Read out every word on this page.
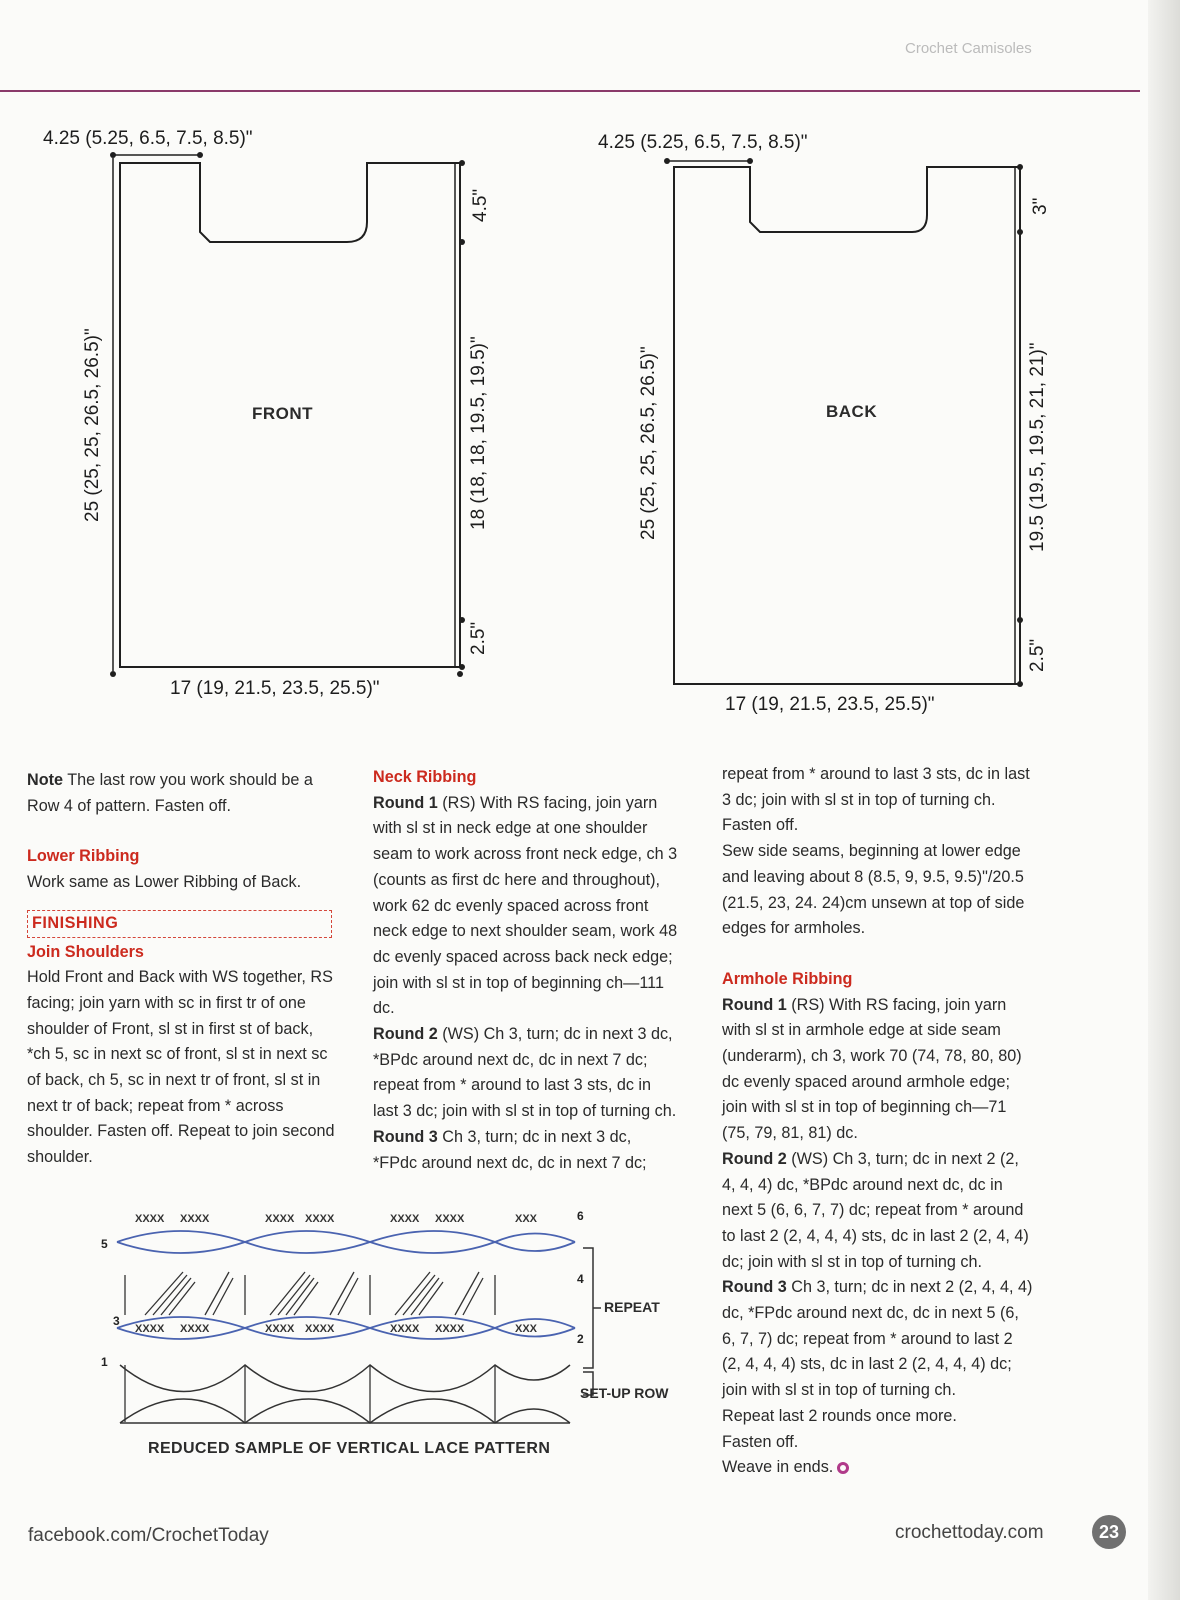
Crochet Camisoles
4.25 (5.25, 6.5, 7.5, 8.5)"
4.5"
25 (25, 25, 26.5, 26.5)"	18 (18, 18, 19.5, 19.5)"
2.5"
17 (19, 21.5, 23.5, 25.5)"
FRONT
4.25 (5.25, 6.5, 7.5, 8.5)"
3"
25 (25, 25, 26.5, 26.5)"	19.5 (19.5, 19.5, 21, 21)"
2.5"
17 (19, 21.5, 23.5, 25.5)"
BACK

Note The last row you work should be a Row 4 of pattern. Fasten off.

Lower Ribbing

Work same as Lower Ribbing of Back.

FINISHING

Join Shoulders

Hold Front and Back with WS together, RS facing; join yarn with sc in first tr of one shoulder of Front, sl st in first st of back, *ch 5, sc in next sc of front, sl st in next sc of back, ch 5, sc in next tr of front, sl st in next tr of back; repeat from * across shoulder. Fasten off. Repeat to join second shoulder.

Neck Ribbing

Round 1 (RS) With RS facing, join yarn with sl st in neck edge at one shoulder seam to work across front neck edge, ch 3 (counts as first dc here and throughout), work 62 dc evenly spaced across front neck edge to next shoulder seam, work 48 dc evenly spaced across back neck edge; join with sl st in top of beginning ch—111 dc.

Round 2 (WS) Ch 3, turn; dc in next 3 dc, *BPdc around next dc, dc in next 7 dc; repeat from * around to last 3 sts, dc in last 3 dc; join with sl st in top of turning ch.

Round 3 Ch 3, turn; dc in next 3 dc, *FPdc around next dc, dc in next 7 dc;

repeat from * around to last 3 sts, dc in last 3 dc; join with sl st in top of turning ch. Fasten off.

Sew side seams, beginning at lower edge and leaving about 8 (8.5, 9, 9.5, 9.5)"/20.5 (21.5, 23, 24. 24)cm unsewn at top of side edges for armholes.

Armhole Ribbing

Round 1 (RS) With RS facing, join yarn with sl st in armhole edge at side seam (underarm), ch 3, work 70 (74, 78, 80, 80) dc evenly spaced around armhole edge; join with sl st in top of beginning ch—71 (75, 79, 81, 81) dc.

Round 2 (WS) Ch 3, turn; dc in next 2 (2, 4, 4, 4) dc, *BPdc around next dc, dc in next 5 (6, 6, 7, 7) dc; repeat from * around to last 2 (2, 4, 4, 4) sts, dc in last 2 (2, 4, 4) dc; join with sl st in top of turning ch.

Round 3 Ch 3, turn; dc in next 2 (2, 4, 4, 4) dc, *FPdc around next dc, dc in next 5 (6, 6, 7, 7) dc; repeat from * around to last 2 (2, 4, 4, 4) sts, dc in last 2 (2, 4, 4, 4) dc; join with sl st in top of turning ch.

Repeat last 2 rounds once more.

Fasten off.

Weave in ends.

XXXX XXXX	XXXX XXXX	XXXX XXXX	XXX
XXXX XXXX	XXXX XXXX	XXXX XXXX	XXX
1
2
3
4
5
6
REPEAT
SET-UP ROW
REDUCED SAMPLE OF VERTICAL LACE PATTERN
facebook.com/CrochetToday	crochettoday.com	23
